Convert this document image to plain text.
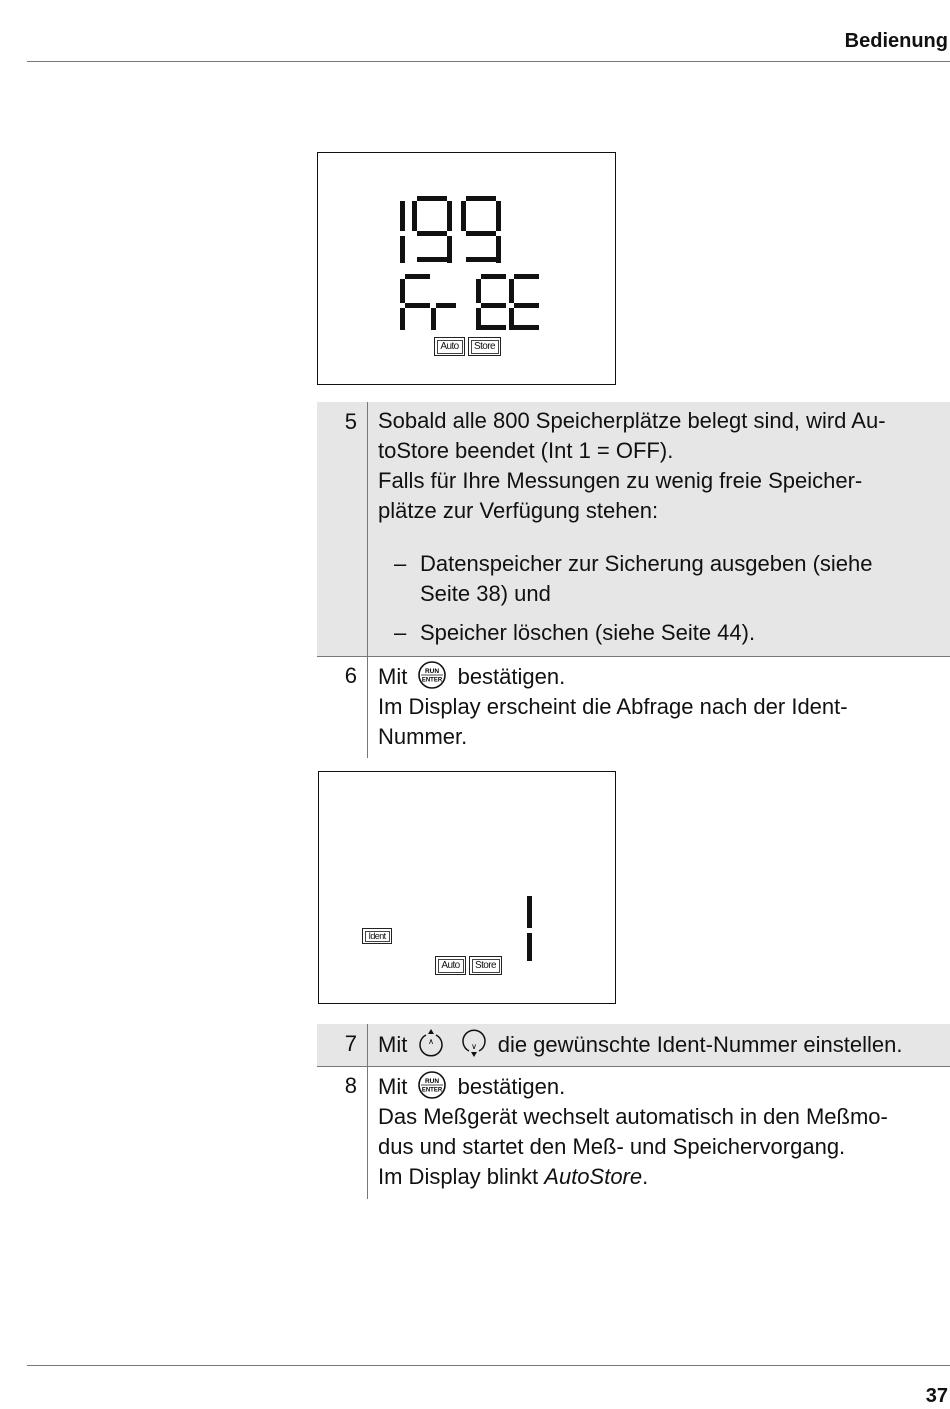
Bedienung
Auto	Store
5 Sobald alle 800 Speicherplätze belegt sind, wird Au-

toStore beendet (Int 1 = OFF).

Falls für Ihre Messungen zu wenig freie Speicher-

plätze zur Verfügung stehen:

– Datenspeicher zur Sicherung ausgeben (siehe

Seite 38) und

– Speicher löschen (siehe Seite 44).

6 Mit	RUN
ENTER bestätigen.

Im Display erscheint die Abfrage nach der Ident-

Nummer.

Ident
Auto	Store
7 Mit	∧

∨ die gewünschte Ident-Nummer einstellen.

8 Mit	RUN
ENTER bestätigen.

Das Meßgerät wechselt automatisch in den Meßmo-

dus und startet den Meß- und Speichervorgang.

Im Display blinkt AutoStore.

37
